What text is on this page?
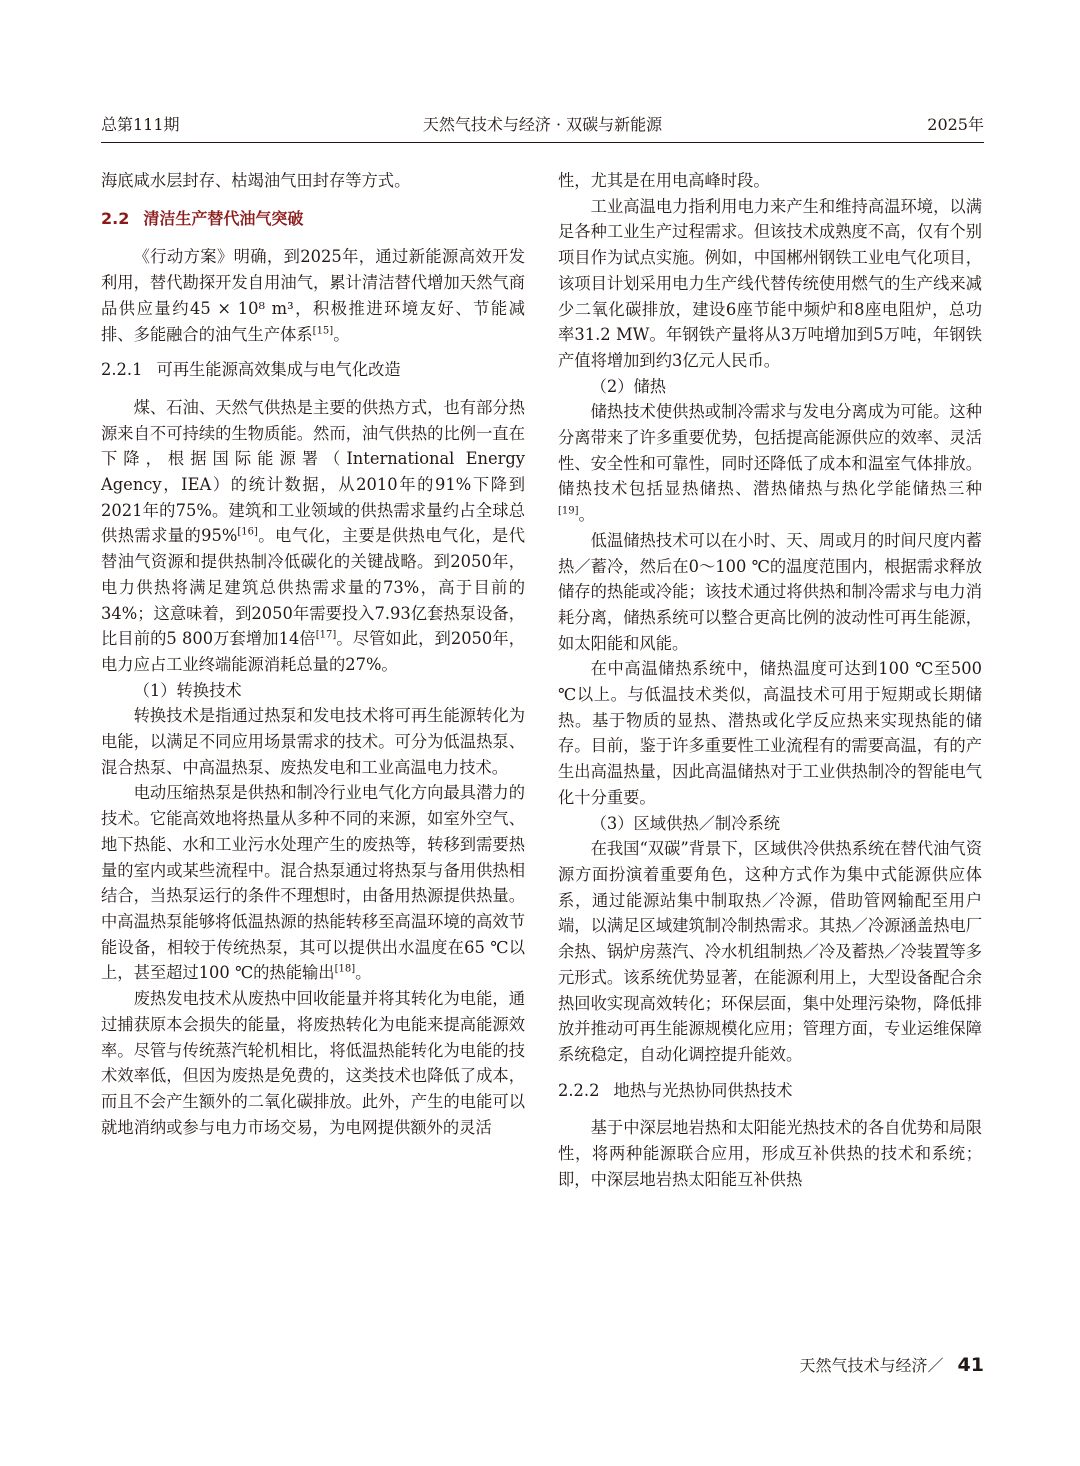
总第111期	天然气技术与经济 · 双碳与新能源	2025年

海底咸水层封存、枯竭油气田封存等方式。

2.2 清洁生产替代油气突破

《行动方案》明确，到2025年，通过新能源高效开发利用，替代勘探开发自用油气，累计清洁替代增加天然气商品供应量约45 × 10⁸ m³，积极推进环境友好、节能减排、多能融合的油气生产体系[15]。

2.2.1 可再生能源高效集成与电气化改造

煤、石油、天然气供热是主要的供热方式，也有部分热源来自不可持续的生物质能。然而，油气供热的比例一直在下降，根据国际能源署（International Energy Agency，IEA）的统计数据，从2010年的91%下降到2021年的75%。建筑和工业领域的供热需求量约占全球总供热需求量的95%[16]。电气化，主要是供热电气化，是代替油气资源和提供热制冷低碳化的关键战略。到2050年，电力供热将满足建筑总供热需求量的73%，高于目前的34%；这意味着，到2050年需要投入7.93亿套热泵设备，比目前的5 800万套增加14倍[17]。尽管如此，到2050年，电力应占工业终端能源消耗总量的27%。

（1）转换技术

转换技术是指通过热泵和发电技术将可再生能源转化为电能，以满足不同应用场景需求的技术。可分为低温热泵、混合热泵、中高温热泵、废热发电和工业高温电力技术。

电动压缩热泵是供热和制冷行业电气化方向最具潜力的技术。它能高效地将热量从多种不同的来源，如室外空气、地下热能、水和工业污水处理产生的废热等，转移到需要热量的室内或某些流程中。混合热泵通过将热泵与备用供热相结合，当热泵运行的条件不理想时，由备用热源提供热量。中高温热泵能够将低温热源的热能转移至高温环境的高效节能设备，相较于传统热泵，其可以提供出水温度在65 ℃以上，甚至超过100 ℃的热能输出[18]。

废热发电技术从废热中回收能量并将其转化为电能，通过捕获原本会损失的能量，将废热转化为电能来提高能源效率。尽管与传统蒸汽轮机相比，将低温热能转化为电能的技术效率低，但因为废热是免费的，这类技术也降低了成本，而且不会产生额外的二氧化碳排放。此外，产生的电能可以就地消纳或参与电力市场交易，为电网提供额外的灵活

性，尤其是在用电高峰时段。

工业高温电力指利用电力来产生和维持高温环境，以满足各种工业生产过程需求。但该技术成熟度不高，仅有个别项目作为试点实施。例如，中国郴州钢铁工业电气化项目，该项目计划采用电力生产线代替传统使用燃气的生产线来减少二氧化碳排放，建设6座节能中频炉和8座电阻炉，总功率31.2 MW。年钢铁产量将从3万吨增加到5万吨，年钢铁产值将增加到约3亿元人民币。

（2）储热

储热技术使供热或制冷需求与发电分离成为可能。这种分离带来了许多重要优势，包括提高能源供应的效率、灵活性、安全性和可靠性，同时还降低了成本和温室气体排放。储热技术包括显热储热、潜热储热与热化学能储热三种[19]。

低温储热技术可以在小时、天、周或月的时间尺度内蓄热／蓄冷，然后在0～100 ℃的温度范围内，根据需求释放储存的热能或冷能；该技术通过将供热和制冷需求与电力消耗分离，储热系统可以整合更高比例的波动性可再生能源，如太阳能和风能。

在中高温储热系统中，储热温度可达到100 ℃至500 ℃以上。与低温技术类似，高温技术可用于短期或长期储热。基于物质的显热、潜热或化学反应热来实现热能的储存。目前，鉴于许多重要性工业流程有的需要高温，有的产生出高温热量，因此高温储热对于工业供热制冷的智能电气化十分重要。

（3）区域供热／制冷系统

在我国“双碳”背景下，区域供冷供热系统在替代油气资源方面扮演着重要角色，这种方式作为集中式能源供应体系，通过能源站集中制取热／冷源，借助管网输配至用户端，以满足区域建筑制冷制热需求。其热／冷源涵盖热电厂余热、锅炉房蒸汽、冷水机组制热／冷及蓄热／冷装置等多元形式。该系统优势显著，在能源利用上，大型设备配合余热回收实现高效转化；环保层面，集中处理污染物，降低排放并推动可再生能源规模化应用；管理方面，专业运维保障系统稳定，自动化调控提升能效。

2.2.2 地热与光热协同供热技术

基于中深层地岩热和太阳能光热技术的各自优势和局限性，将两种能源联合应用，形成互补供热的技术和系统；即，中深层地岩热太阳能互补供热

天然气技术与经济／ 41
